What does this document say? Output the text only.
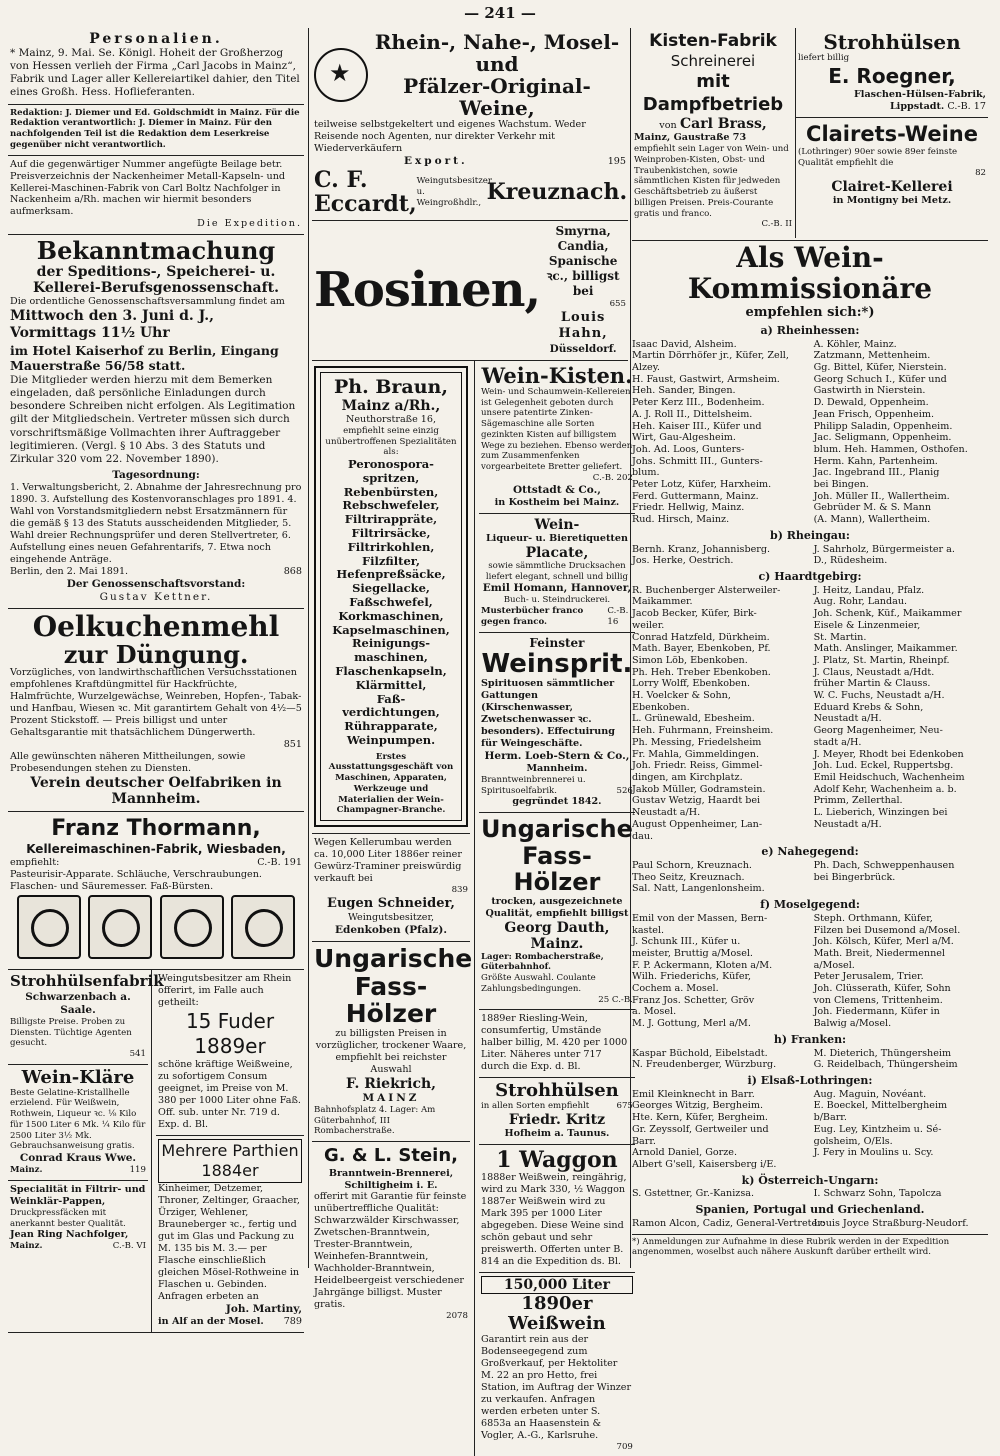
— 241 —
Personalien.
* Mainz, 9. Mai. Se. Königl. Hoheit der Großherzog von Hessen verlieh der Firma „Carl Jacobs in Mainz“, Fabrik und Lager aller Kellereiartikel dahier, den Titel eines Großh. Hess. Hoflieferanten.
Redaktion: J. Diemer und Ed. Goldschmidt in Mainz. Für die Redaktion verantwortlich: J. Diemer in Mainz. Für den nachfolgenden Teil ist die Redaktion dem Leserkreise gegenüber nicht verantwortlich.
Auf die gegenwärtiger Nummer angefügte Beilage betr. Preisverzeichnis der Nackenheimer Metall-Kapseln- und Kellerei-Maschinen-Fabrik von Carl Boltz Nachfolger in Nackenheim a/Rh. machen wir hiermit besonders aufmerksam.
Die Expedition.
Bekanntmachung
der Speditions-, Speicherei- u. Kellerei-Berufsgenossenschaft.
Die ordentliche Genossenschaftsversammlung findet am
Mittwoch den 3. Juni d. J., Vormittags 11½ Uhr
im Hotel Kaiserhof zu Berlin, Eingang Mauerstraße 56/58 statt.
Die Mitglieder werden hierzu mit dem Bemerken eingeladen, daß persönliche Einladungen durch besondere Schreiben nicht erfolgen. Als Legitimation gilt der Mitgliedschein. Vertreter müssen sich durch vorschriftsmäßige Vollmachten ihrer Auftraggeber legitimieren. (Vergl. § 10 Abs. 3 des Statuts und Zirkular 320 vom 22. November 1890).
Tagesordnung:
1. Verwaltungsbericht, 2. Abnahme der Jahresrechnung pro 1890. 3. Aufstellung des Kostenvoranschlages pro 1891. 4. Wahl von Vorstandsmitgliedern nebst Ersatzmännern für die gemäß § 13 des Statuts ausscheidenden Mitglieder, 5. Wahl dreier Rechnungsprüfer und deren Stellvertreter, 6. Aufstellung eines neuen Gefahrentarifs, 7. Etwa noch eingehende Anträge.
Berlin, den 2. Mai 1891.	868
Der Genossenschaftsvorstand:
Gustav Kettner.
Oelkuchenmehl
zur Düngung.
Vorzügliches, von landwirthschaftlichen Versuchsstationen empfohlenes Kraftdüngmittel für Hackfrüchte, Halmfrüchte, Wurzelgewächse, Weinreben, Hopfen-, Tabak- und Hanfbau, Wiesen ꝛc. Mit garantirtem Gehalt von 4½—5 Prozent Stickstoff. — Preis billigst und unter Gehaltsgarantie mit thatsächlichem Düngerwerth.
851
Alle gewünschten näheren Mittheilungen, sowie Probesendungen stehen zu Diensten.
Verein deutscher Oelfabriken in Mannheim.
Franz Thormann,
Kellereimaschinen-Fabrik, Wiesbaden,
empfiehlt:	C.-B. 191
Pasteurisir-Apparate. Schläuche, Verschraubungen. Flaschen- und Säuremesser. Faß-Bürsten.

Strohhülsenfabrik
Schwarzenbach a. Saale.
Billigste Preise. Proben zu Diensten. Tüchtige Agenten gesucht.
541
Wein-Kläre
Beste Gelatine-Kristallhelle erzielend. Für Weißwein, Rothwein, Liqueur ꝛc. ⅛ Kilo für 1500 Liter 6 Mk. ¼ Kilo für 2500 Liter 3½ Mk. Gebrauchsanweisung gratis.
Conrad Kraus Wwe.
Mainz.	119
Specialität in Filtrir- und Weinklär-Pappen,
Druckpressfäcken mit anerkannt bester Qualität.
Jean Ring Nachfolger,
Mainz.	C.-B. VI
Weingutsbesitzer am Rhein offerirt, im Falle auch getheilt:
15 Fuder 1889er
schöne kräftige Weißweine, zu sofortigem Consum geeignet, im Preise von M. 380 per 1000 Liter ohne Faß. Off. sub. unter Nr. 719 d. Exp. d. Bl.
Mehrere Parthien 1884er
Kinheimer, Detzemer, Throner, Zeltinger, Graacher, Ürziger, Wehlener, Brauneberger ꝛc., fertig und gut im Glas und Packung zu M. 135 bis M. 3.— per Flasche einschließlich gleichen Mösel-Rothweine in Flaschen u. Gebinden. Anfragen erbeten an
Joh. Martiny,
in Alf an der Mosel. 789
★
Rhein-, Nahe-, Mosel- und
Pfälzer-Original-Weine,
teilweise selbstgekeltert und eigenes Wachstum. Weder Reisende noch Agenten, nur direkter Verkehr mit Wiederverkäufern
Export.	195
C. F. Eccardt,
Weingutsbesitzer u. Weingroßhdlr., Kreuznach.
Rosinen,
Smyrna, Candia, Spanische ꝛc., billigst bei
655
Louis Hahn,
Düsseldorf.
Ph. Braun,
Mainz a/Rh.,
Neuthorstraße 16,
empfiehlt seine einzig unübertroffenen Spezialitäten als:
Peronospora-
spritzen,
Rebenbürsten,
Rebschwefeler,
Filtrirappräte,
Filtrirsäcke,
Filtrirkohlen,
Filzfilter,
Hefenpreßsäcke,
Siegellacke,
Faßschwefel,
Korkmaschinen,
Kapselmaschinen,
Reinigungs-
maschinen,
Flaschenkapseln,
Klärmittel,
Faß-
verdichtungen,
Rührapparate,
Weinpumpen.
Erstes Ausstattungsgeschäft von Maschinen, Apparaten, Werkzeuge und Materialien der Wein-Champagner-Branche.
Wegen Kellerumbau werden ca. 10,000 Liter 1886er reiner Gewürz-Traminer preiswürdig verkauft bei
839
Eugen Schneider,
Weingutsbesitzer,
Edenkoben (Pfalz).
Ungarische
Fass-Hölzer
zu billigsten Preisen in vorzüglicher, trockener Waare, empfiehlt bei reichster Auswahl
F. Riekrich,
MAINZ
Bahnhofsplatz 4. Lager: Am Güterbahnhof, III Rombacherstraße.
G. & L. Stein,
Branntwein-Brennerei, Schiltigheim i. E.
offerirt mit Garantie für feinste unübertreffliche Qualität: Schwarzwälder Kirschwasser, Zwetschen-Branntwein, Trester-Branntwein, Weinhefen-Branntwein, Wachholder-Branntwein, Heidelbeergeist verschiedener Jahrgänge billigst. Muster gratis.
2078
Wein-Kisten.
Wein- und Schaumwein-Kellereien ist Gelegenheit geboten durch unsere patentirte Zinken-Sägemaschine alle Sorten gezinkten Kisten auf billigstem Wege zu beziehen. Ebenso werden zum Zusammenfenken vorgearbeitete Bretter geliefert.
C.-B. 202
Ottstadt & Co.,
in Kostheim bei Mainz.
Wein-
Liqueur- u. Bieretiquetten
Placate,
sowie sämmtliche Drucksachen liefert elegant, schnell und billig
Emil Homann, Hannover,
Buch- u. Steindruckerei.
Musterbücher franco gegen franco.
C.-B. 16
Feinster
Weinsprit.
Spirituosen sämmtlicher Gattungen (Kirschenwasser, Zwetschenwasser ꝛc. besonders). Effectuirung für Weingeschäfte.
Herm. Loeb-Stern & Co.,
Mannheim.
Branntweinbrennerei u. Spiritusoelfabrik.	526
gegründet 1842.
Ungarische
Fass-Hölzer
trocken, ausgezeichnete Qualität, empfiehlt billigst
Georg Dauth, Mainz.
Lager: Rombacherstraße, Güterbahnhof.
Größte Auswahl. Coulante Zahlungsbedingungen.
25 C.-B.
1889er Riesling-Wein, consumfertig, Umstände halber billig, M. 420 per 1000 Liter. Näheres unter 717 durch die Exp. d. Bl.
Strohhülsen
in allen Sorten empfiehlt	675
Friedr. Kritz
Hofheim a. Taunus.
1 Waggon
1888er Weißwein, reingährig, wird zu Mark 330, ½ Waggon 1887er Weißwein wird zu Mark 395 per 1000 Liter abgegeben. Diese Weine sind schön gebaut und sehr preiswerth. Offerten unter B. 814 an die Expedition ds. Bl.
150,000 Liter
1890er Weißwein
Garantirt rein aus der Bodenseegegend zum Großverkauf, per Hektoliter M. 22 an pro Hetto, frei Station, im Auftrag der Winzer zu verkaufen. Anfragen werden erbeten unter S. 6853a an Haasenstein & Vogler, A.-G., Karlsruhe.
709
Kisten-Fabrik
Schreinerei
mit Dampfbetrieb
von Carl Brass,
Mainz, Gaustraße 73
empfiehlt sein Lager von Wein- und Weinproben-Kisten, Obst- und Traubenkistchen, sowie sämmtlichen Kisten für jedweden Geschäftsbetrieb zu äußerst billigen Preisen. Preis-Courante gratis und franco.
C.-B. II
Strohhülsen
liefert billig
E. Roegner,
Flaschen-Hülsen-Fabrik,
Lippstadt. C.-B. 17
Clairets-Weine
(Lothringer) 90er sowie 89er feinste Qualität empfiehlt die
82
Clairet-Kellerei
in Montigny bei Metz.
Als Wein-Kommissionäre
empfehlen sich:*)
a) Rheinhessen:
Isaac David, Alsheim.	A. Köhler, Mainz.
Martin Dörrhöfer jr., Küfer, Zell,	Zatzmann, Mettenheim.
Alzey.	Gg. Bittel, Küfer, Nierstein.
H. Faust, Gastwirt, Armsheim.	Georg Schuch I., Küfer und
Heh. Sander, Bingen.	Gastwirth in Nierstein.
Peter Kerz III., Bodenheim.	D. Dewald, Oppenheim.
A. J. Roll II., Dittelsheim.	Jean Frisch, Oppenheim.
Heh. Kaiser III., Küfer und	Philipp Saladin, Oppenheim.
Wirt, Gau-Algesheim.	Jac. Seligmann, Oppenheim.
Joh. Ad. Loos, Gunters-	blum. Heh. Hammen, Osthofen.
Johs. Schmitt III., Gunters-	Herm. Kahn, Partenheim.
blum.	Jac. Ingebrand III., Planig
Peter Lotz, Küfer, Harxheim.	bei Bingen.
Ferd. Guttermann, Mainz.	Joh. Müller II., Wallertheim.
Friedr. Hellwig, Mainz.	Gebrüder M. & S. Mann
Rud. Hirsch, Mainz.	(A. Mann), Wallertheim.
b) Rheingau:
Bernh. Kranz, Johannisberg.	J. Sahrholz, Bürgermeister a.
Jos. Herke, Oestrich.	D., Rüdesheim.
c) Haardtgebirg:
R. Buchenberger Alsterweiler-	J. Heitz, Landau, Pfalz.
Maikammer.	Aug. Rohr, Landau.
Jacob Becker, Küfer, Birk-	Joh. Schenk, Küf., Maikammer
weiler.	Eisele & Linzenmeier,
Conrad Hatzfeld, Dürkheim.	St. Martin.
Math. Bayer, Ebenkoben, Pf.	Math. Anslinger, Maikammer.
Simon Löb, Ebenkoben.	J. Platz, St. Martin, Rheinpf.
Ph. Heh. Treber Ebenkoben.	J. Claus, Neustadt a/Hdt.
Lorry Wolff, Ebenkoben.	früher Martin & Clauss.
H. Voelcker & Sohn,	W. C. Fuchs, Neustadt a/H.
Ebenkoben.	Eduard Krebs & Sohn,
L. Grünewald, Ebesheim.	Neustadt a/H.
Heh. Fuhrmann, Freinsheim.	Georg Magenheimer, Neu-
Ph. Messing, Friedelsheim	stadt a/H.
Fr. Mahla, Gimmeldingen.	J. Meyer, Rhodt bei Edenkoben
Joh. Friedr. Reiss, Gimmel-	Joh. Lud. Eckel, Ruppertsbg.
dingen, am Kirchplatz.	Emil Heidschuch, Wachenheim
Jakob Müller, Godramstein.	Adolf Kehr, Wachenheim a. b.
Gustav Wetzig, Haardt bei	Primm, Zellerthal.
Neustadt a/H.	L. Lieberich, Winzingen bei
August Oppenheimer, Lan-	Neustadt a/H.
dau.
e) Nahegegend:
Paul Schorn, Kreuznach.	Ph. Dach, Schweppenhausen
Theo Seitz, Kreuznach.	bei Bingerbrück.
Sal. Natt, Langenlonsheim.
f) Moselgegend:
Emil von der Massen, Bern-	Steph. Orthmann, Küfer,
kastel.	Filzen bei Dusemond a/Mosel.
J. Schunk III., Küfer u.	Joh. Kölsch, Küfer, Merl a/M.
meister, Bruttig a/Mosel.	Math. Breit, Niedermennel
F. P. Ackermann, Kloten a/M.	a/Mosel.
Wilh. Friederichs, Küfer,	Peter Jerusalem, Trier.
Cochem a. Mosel.	Joh. Clüsserath, Küfer, Sohn
Franz Jos. Schetter, Gröv	von Clemens, Trittenheim.
a. Mosel.	Joh. Fiedermann, Küfer in
M. J. Gottung, Merl a/M.	Balwig a/Mosel.
h) Franken:
Kaspar Büchold, Eibelstadt.	M. Dieterich, Thüngersheim
N. Freudenberger, Würzburg.	G. Reidelbach, Thüngersheim
i) Elsaß-Lothringen:
Emil Kleinknecht in Barr.	Aug. Maguin, Novéant.
Georges Witzig, Bergheim.	E. Boeckel, Mittelbergheim
Hte. Kern, Küfer, Bergheim.	b/Barr.
Gr. Zeyssolf, Gertweiler und	Eug. Ley, Kintzheim u. Sé-
Barr.	golsheim, O/Els.
Arnold Daniel, Gorze.	J. Fery in Moulins u. Scy.
Albert G'sell, Kaisersberg i/E.
k) Österreich-Ungarn:
S. Gstettner, Gr.-Kanizsa.	I. Schwarz Sohn, Tapolcza
Spanien, Portugal und Griechenland.
Ramon Alcon, Cadiz, General-Vertreter:
Louis Joyce Straßburg-Neudorf.
*) Anmeldungen zur Aufnahme in diese Rubrik werden in der Expedition angenommen, woselbst auch nähere Auskunft darüber ertheilt wird.
